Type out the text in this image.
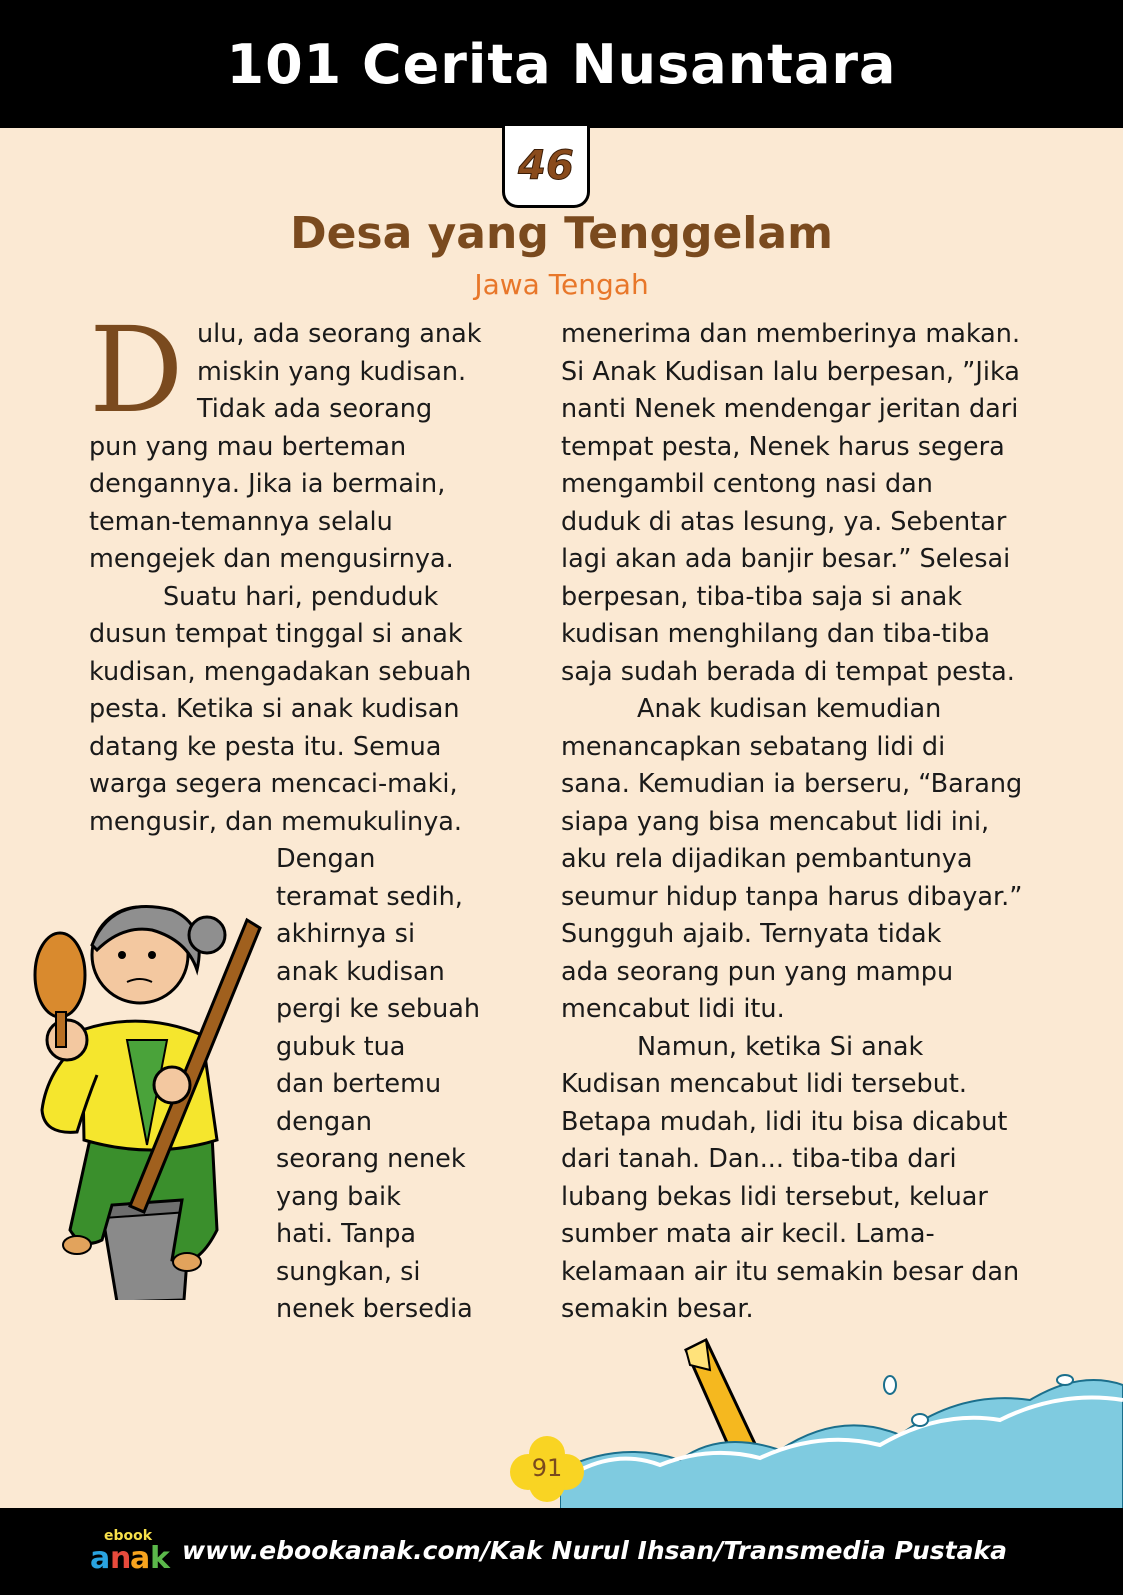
101 Cerita Nusantara
46
Desa yang Tenggelam
Jawa Tengah
D ulu, ada seorang anak
miskin yang kudisan.
Tidak ada seorang
pun yang mau berteman
dengannya. Jika ia bermain,
teman-temannya selalu
mengejek dan mengusirnya.
Suatu hari, penduduk
dusun tempat tinggal si anak
kudisan, mengadakan sebuah
pesta. Ketika si anak kudisan
datang ke pesta itu. Semua
warga segera mencaci-maki,
mengusir, dan memukulinya.
Dengan
teramat sedih,
akhirnya si
anak kudisan
pergi ke sebuah
gubuk tua
dan bertemu
dengan
seorang nenek
yang baik
hati. Tanpa
sungkan, si
nenek bersedia
91
ebook
a n
a k www.ebookanak.com/Kak Nurul Ihsan/Transmedia Pustaka
menerima dan memberinya makan.
Si Anak Kudisan lalu berpesan, ”Jika
nanti Nenek mendengar jeritan dari
tempat pesta, Nenek harus segera
mengambil centong nasi dan
duduk di atas lesung, ya. Sebentar
lagi akan ada banjir besar.” Selesai
berpesan, tiba-tiba saja si anak
kudisan menghilang dan tiba-tiba
saja sudah berada di tempat pesta.
Anak kudisan kemudian
menancapkan sebatang lidi di
sana. Kemudian ia berseru, “Barang
siapa yang bisa mencabut lidi ini,
aku rela dijadikan pembantunya
seumur hidup tanpa harus dibayar.”
Sungguh ajaib. Ternyata tidak
ada seorang pun yang mampu
mencabut lidi itu.
Namun, ketika Si anak
Kudisan mencabut lidi tersebut.
Betapa mudah, lidi itu bisa dicabut
dari tanah. Dan... tiba-tiba dari
lubang bekas lidi tersebut, keluar
sumber mata air kecil. Lama-
kelamaan air itu semakin besar dan
semakin besar.
